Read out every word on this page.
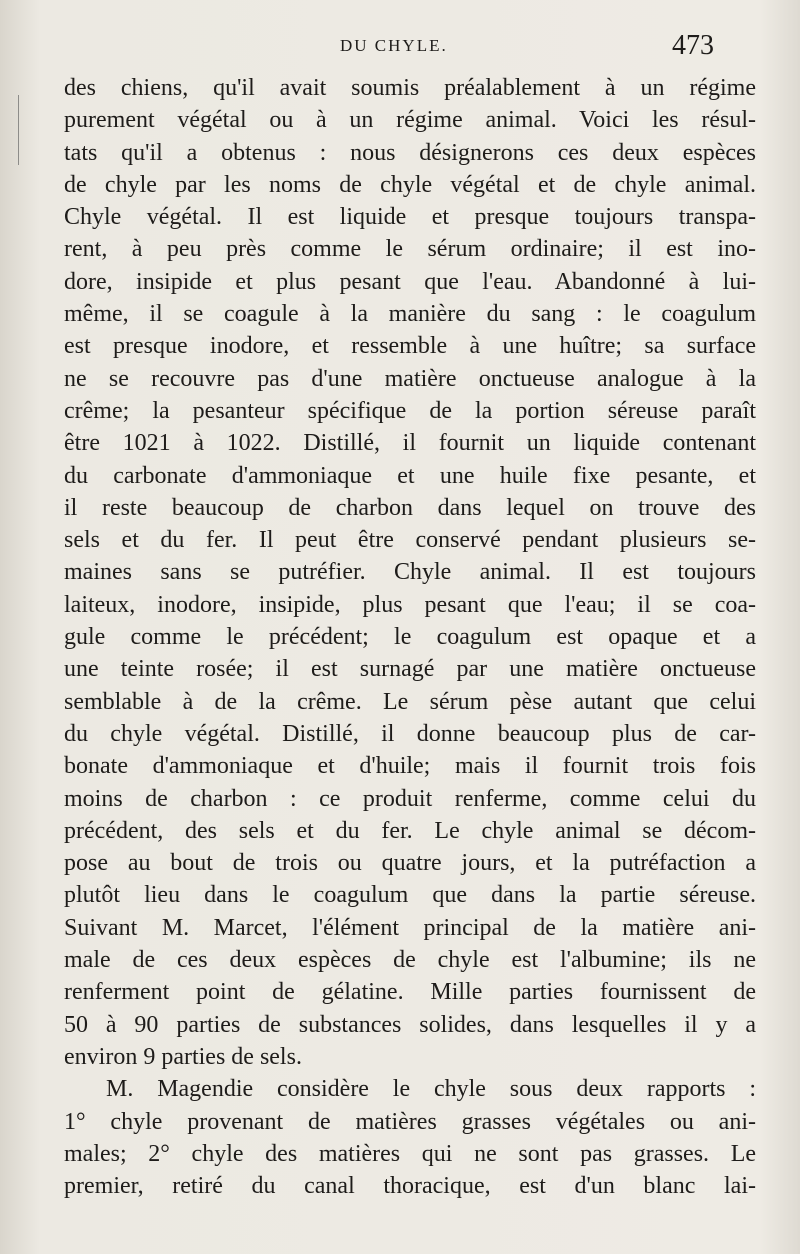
DU CHYLE.	473
des chiens, qu'il avait soumis préalablement à un régime
purement végétal ou à un régime animal. Voici les résul-
tats qu'il a obtenus : nous désignerons ces deux espèces
de chyle par les noms de chyle végétal et de chyle animal.
Chyle végétal. Il est liquide et presque toujours transpa-
rent, à peu près comme le sérum ordinaire; il est ino-
dore, insipide et plus pesant que l'eau. Abandonné à lui-
même, il se coagule à la manière du sang : le coagulum
est presque inodore, et ressemble à une huître; sa surface
ne se recouvre pas d'une matière onctueuse analogue à la
crême; la pesanteur spécifique de la portion séreuse paraît
être 1021 à 1022. Distillé, il fournit un liquide contenant
du carbonate d'ammoniaque et une huile fixe pesante, et
il reste beaucoup de charbon dans lequel on trouve des
sels et du fer. Il peut être conservé pendant plusieurs se-
maines sans se putréfier. Chyle animal. Il est toujours
laiteux, inodore, insipide, plus pesant que l'eau; il se coa-
gule comme le précédent; le coagulum est opaque et a
une teinte rosée; il est surnagé par une matière onctueuse
semblable à de la crême. Le sérum pèse autant que celui
du chyle végétal. Distillé, il donne beaucoup plus de car-
bonate d'ammoniaque et d'huile; mais il fournit trois fois
moins de charbon : ce produit renferme, comme celui du
précédent, des sels et du fer. Le chyle animal se décom-
pose au bout de trois ou quatre jours, et la putréfaction a
plutôt lieu dans le coagulum que dans la partie séreuse.
Suivant M. Marcet, l'élément principal de la matière ani-
male de ces deux espèces de chyle est l'albumine; ils ne
renferment point de gélatine. Mille parties fournissent de
50 à 90 parties de substances solides, dans lesquelles il y a
environ 9 parties de sels.
M. Magendie considère le chyle sous deux rapports :
1° chyle provenant de matières grasses végétales ou ani-
males; 2° chyle des matières qui ne sont pas grasses. Le
premier, retiré du canal thoracique, est d'un blanc lai-
